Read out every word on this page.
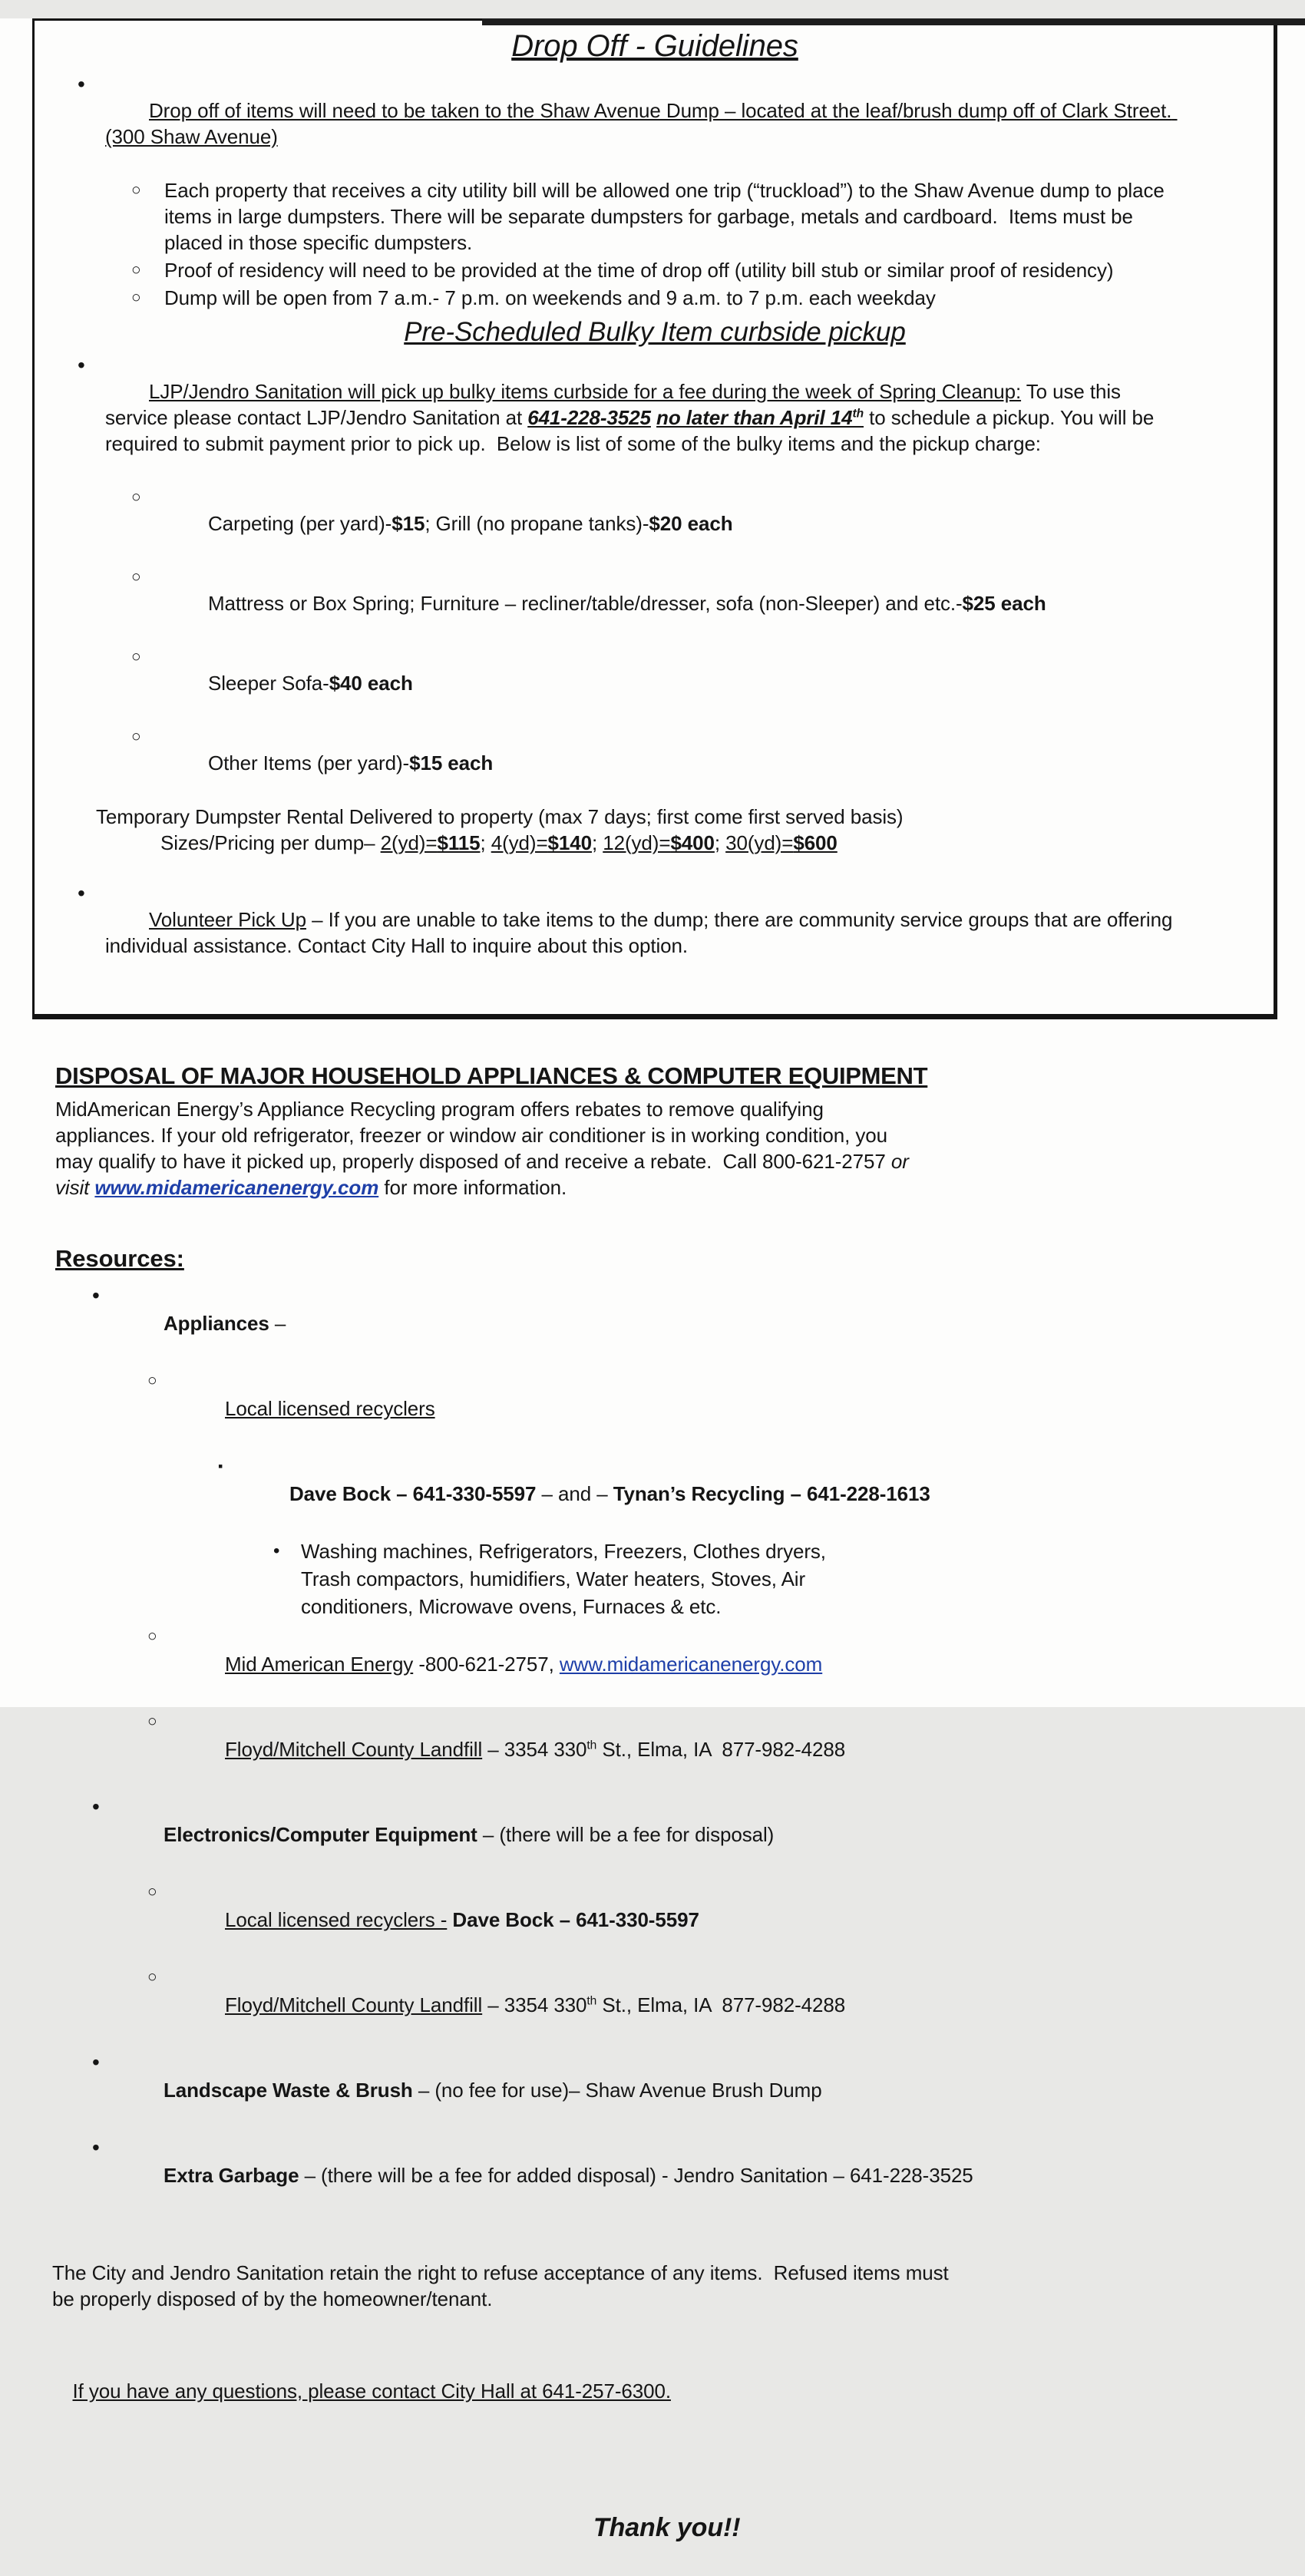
Drop Off - Guidelines
•

Drop off of items will need to be taken to the Shaw Avenue Dump – located at the leaf/brush dump off of Clark Street. (300 Shaw Avenue)

○	Each property that receives a city utility bill will be allowed one trip (“truckload”) to the Shaw Avenue dump to place items in large dumpsters. There will be separate dumpsters for garbage, metals and cardboard.  Items must be placed in those specific dumpsters.
○	Proof of residency will need to be provided at the time of drop off (utility bill stub or similar proof of residency)
○	Dump will be open from 7 a.m.- 7 p.m. on weekends and 9 a.m. to 7 p.m. each weekday
Pre-Scheduled Bulky Item curbside pickup
•

LJP/Jendro Sanitation will pick up bulky items curbside for a fee during the week of Spring Cleanup: To use this service please contact LJP/Jendro Sanitation at 641-228-3525 no later than April 14th to schedule a pickup. You will be required to submit payment prior to pick up.  Below is list of some of the bulky items and the pickup charge:

○

Carpeting (per yard)-$15; Grill (no propane tanks)-$20 each

○

Mattress or Box Spring; Furniture – recliner/table/dresser, sofa (non-Sleeper) and etc.-$25 each

○

Sleeper Sofa-$40 each

○

Other Items (per yard)-$15 each

Temporary Dumpster Rental Delivered to property (max 7 days; first come first served basis)

Sizes/Pricing per dump– 2(yd)=$115; 4(yd)=$140; 12(yd)=$400; 30(yd)=$600

•

Volunteer Pick Up – If you are unable to take items to the dump; there are community service groups that are offering individual assistance. Contact City Hall to inquire about this option.

DISPOSAL OF MAJOR HOUSEHOLD APPLIANCES & COMPUTER EQUIPMENT

MidAmerican Energy’s Appliance Recycling program offers rebates to remove qualifying appliances. If your old refrigerator, freezer or window air conditioner is in working condition, you may qualify to have it picked up, properly disposed of and receive a rebate.  Call 800-621-2757 or visit www.midamericanenergy.com for more information.

Resources:
•

Appliances –

○

Local licensed recyclers

▪

Dave Bock – 641-330-5597 – and – Tynan’s Recycling – 641-228-1613

•	Washing machines, Refrigerators, Freezers, Clothes dryers, Trash compactors, humidifiers, Water heaters, Stoves, Air conditioners, Microwave ovens, Furnaces & etc.
○

Mid American Energy -800-621-2757, www.midamericanenergy.com

○

Floyd/Mitchell County Landfill – 3354 330th St., Elma, IA  877-982-4288

•

Electronics/Computer Equipment – (there will be a fee for disposal)

○

Local licensed recyclers - Dave Bock – 641-330-5597

○

Floyd/Mitchell County Landfill – 3354 330th St., Elma, IA  877-982-4288

•

Landscape Waste & Brush – (no fee for use)– Shaw Avenue Brush Dump

•

Extra Garbage – (there will be a fee for added disposal) - Jendro Sanitation – 641-228-3525

The City and Jendro Sanitation retain the right to refuse acceptance of any items.  Refused items must be properly disposed of by the homeowner/tenant.

If you have any questions, please contact City Hall at 641-257-6300.

Thank you!!
